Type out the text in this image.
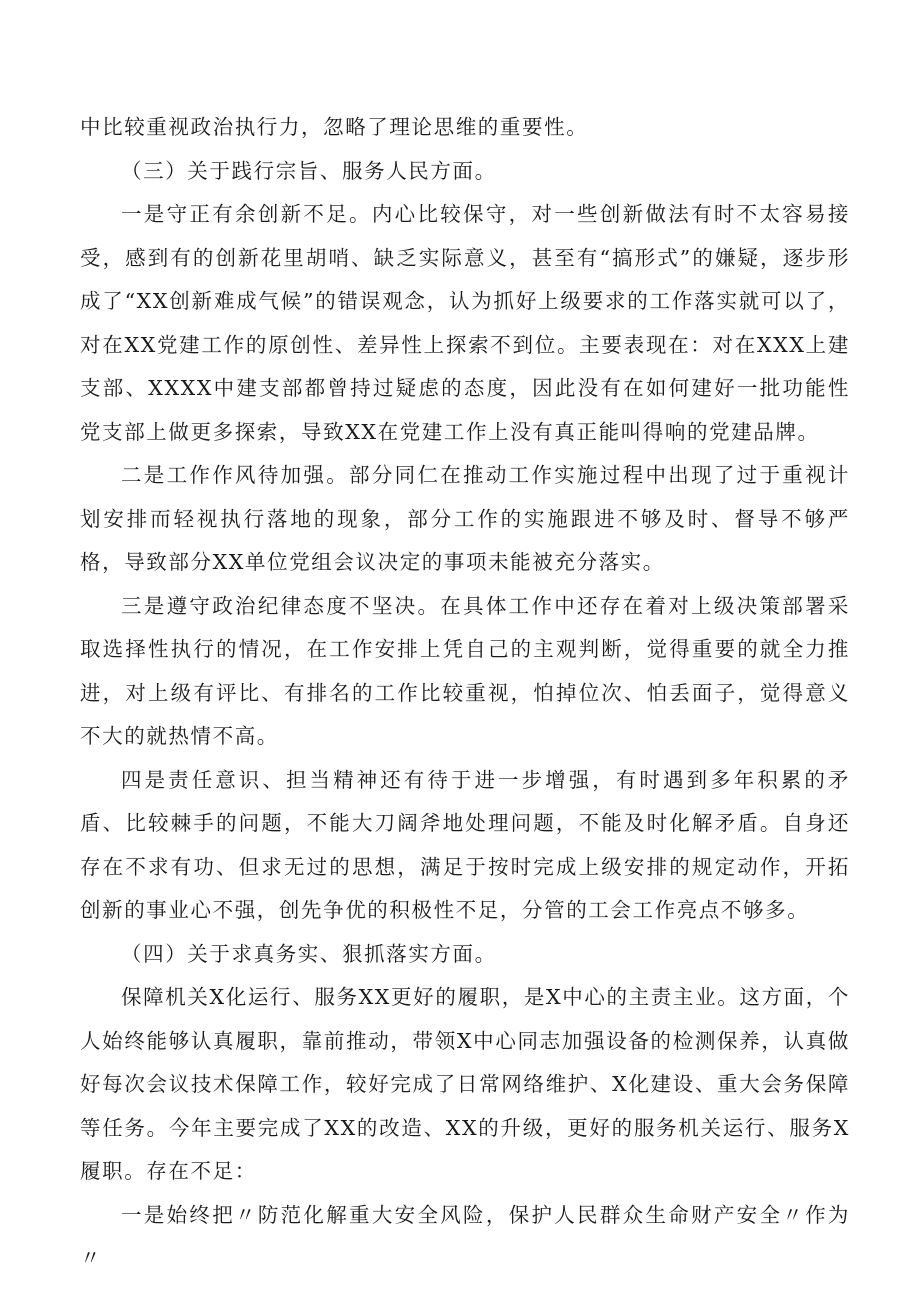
中比较重视政治执行力，忽略了理论思维的重要性。

（三）关于践行宗旨、服务人民方面。

一是守正有余创新不足。内心比较保守，对一些创新做法有时不太容易接受，感到有的创新花里胡哨、缺乏实际意义，甚至有“搞形式”的嫌疑，逐步形成了“XX创新难成气候”的错误观念，认为抓好上级要求的工作落实就可以了，对在XX党建工作的原创性、差异性上探索不到位。主要表现在：对在XXX上建支部、XXXX中建支部都曾持过疑虑的态度，因此没有在如何建好一批功能性党支部上做更多探索，导致XX在党建工作上没有真正能叫得响的党建品牌。

二是工作作风待加强。部分同仁在推动工作实施过程中出现了过于重视计划安排而轻视执行落地的现象，部分工作的实施跟进不够及时、督导不够严格，导致部分XX单位党组会议决定的事项未能被充分落实。

三是遵守政治纪律态度不坚决。在具体工作中还存在着对上级决策部署采取选择性执行的情况，在工作安排上凭自己的主观判断，觉得重要的就全力推进，对上级有评比、有排名的工作比较重视，怕掉位次、怕丢面子，觉得意义不大的就热情不高。

四是责任意识、担当精神还有待于进一步增强，有时遇到多年积累的矛盾、比较棘手的问题，不能大刀阔斧地处理问题，不能及时化解矛盾。自身还存在不求有功、但求无过的思想，满足于按时完成上级安排的规定动作，开拓创新的事业心不强，创先争优的积极性不足，分管的工会工作亮点不够多。

（四）关于求真务实、狠抓落实方面。

保障机关X化运行、服务XX更好的履职，是X中心的主责主业。这方面，个人始终能够认真履职，靠前推动，带领X中心同志加强设备的检测保养，认真做好每次会议技术保障工作，较好完成了日常网络维护、X化建设、重大会务保障等任务。今年主要完成了XX的改造、XX的升级，更好的服务机关运行、服务X履职。存在不足：

一是始终把〃防范化解重大安全风险，保护人民群众生命财产安全〃作为〃
